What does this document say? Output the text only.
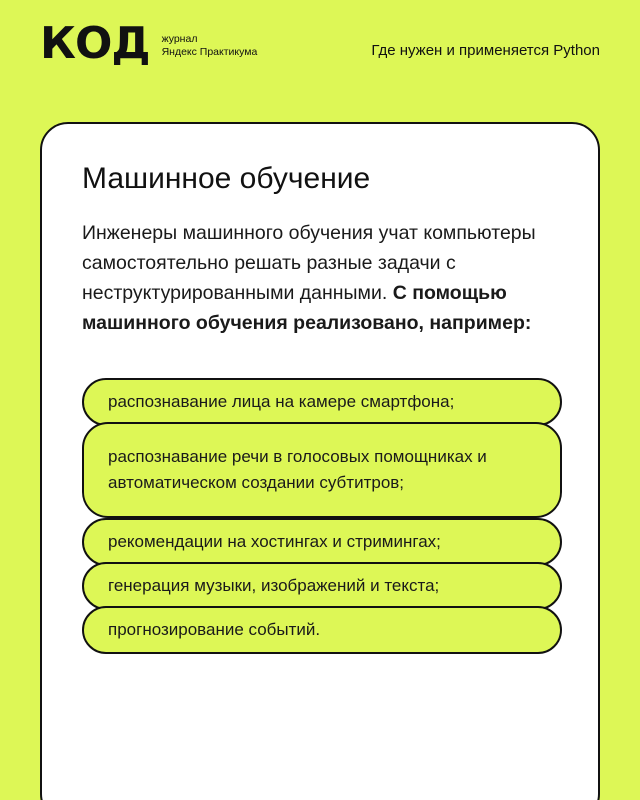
КОД журнал
Яндекс Практикума	Где нужен и применяется Python
Машинное обучение

Инженеры машинного обучения учат компьютеры самостоятельно решать разные задачи с неструктурированными данными. С помощью машинного обучения реализовано, например:

распознавание лица на камере смартфона;
распознавание речи в голосовых помощниках и автоматическом создании субтитров;
рекомендации на хостингах и стримингах;
генерация музыки, изображений и текста;
прогнозирование событий.
